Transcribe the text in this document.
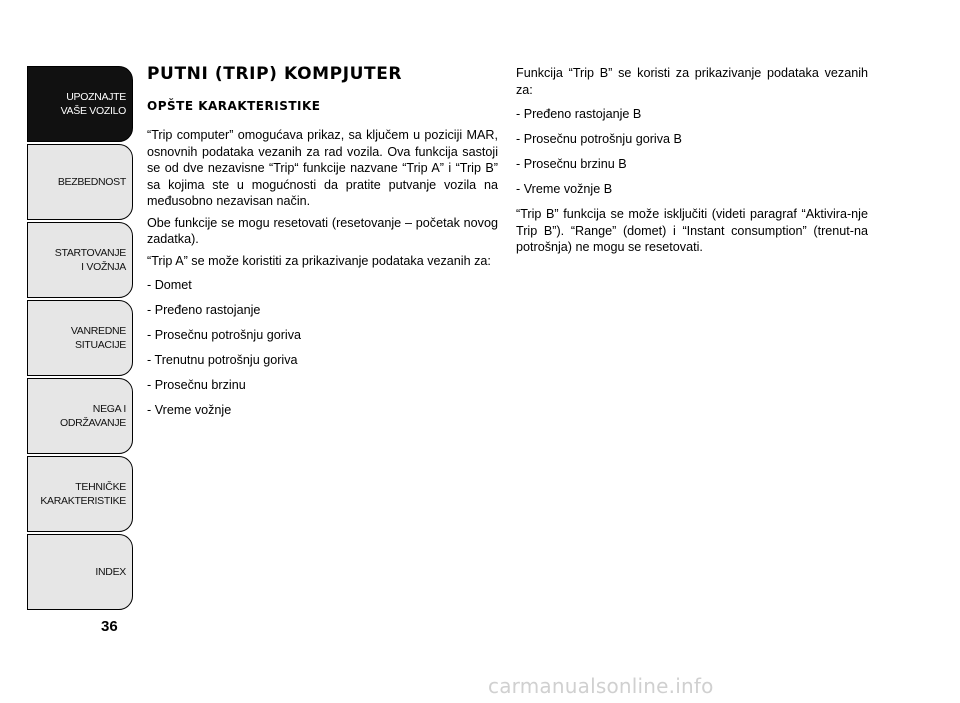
UPOZNAJTE
VAŠE VOZILO
BEZBEDNOST
STARTOVANJE
I VOŽNJA
VANREDNE
SITUACIJE
NEGA I
ODRŽAVANJE
TEHNIČKE
KARAKTERISTIKE
INDEX
36
PUTNI (TRIP) KOMPJUTER
OPŠTE KARAKTERISTIKE

“Trip computer” omogućava prikaz, sa ključem u poziciji MAR, osnovnih podataka vezanih za rad vozila. Ova funkcija sastoji se od dve nezavisne “Trip“ funkcije nazvane “Trip A” i “Trip B” sa kojima ste u mogućnosti da pratite putvanje vozila na međusobno nezavisan način.

Obe funkcije se mogu resetovati (resetovanje – početak novog zadatka).

“Trip A” se može koristiti za prikazivanje podataka vezanih za:

- Domet

- Pređeno rastojanje

- Prosečnu potrošnju goriva

- Trenutnu potrošnju goriva

- Prosečnu brzinu

- Vreme vožnje

Funkcija “Trip B” se koristi za prikazivanje podataka vezanih za:

- Pređeno rastojanje B

- Prosečnu potrošnju goriva B

- Prosečnu brzinu B

- Vreme vožnje B

“Trip B” funkcija se može isključiti (videti paragraf “Aktivira-nje Trip B”). “Range” (domet) i “Instant consumption” (trenut-na potrošnja) ne mogu se resetovati.

carmanualsonline.info
